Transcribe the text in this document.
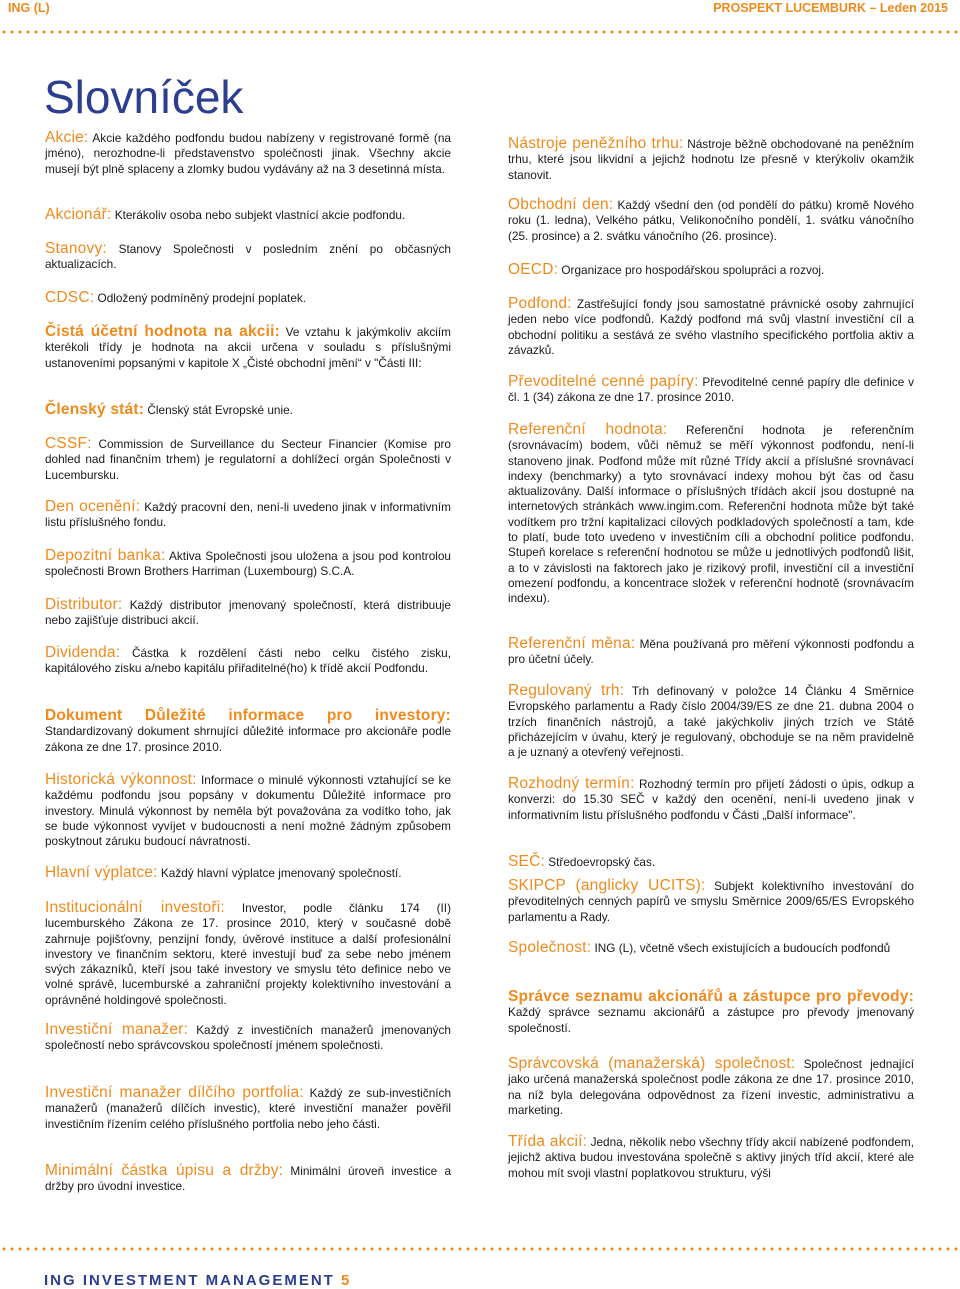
ING (L)	PROSPEKT LUCEMBURK – Leden 2015
Slovníček

Akcie: Akcie každého podfondu budou nabízeny v registrované formě (na jméno), nerozhodne-li představenstvo společnosti jinak. Všechny akcie musejí být plně splaceny a zlomky budou vydávány až na 3 desetinná místa.

Akcionář: Kterákoliv osoba nebo subjekt vlastnící akcie podfondu.

Stanovy: Stanovy Společnosti v posledním znění po občasných aktualizacích.

CDSC: Odložený podmíněný prodejní poplatek.

Čistá účetní hodnota na akcii: Ve vztahu k jakýmkoliv akciím kterékoli třídy je hodnota na akcii určena v souladu s příslušnými ustanoveními popsanými v kapitole X „Čisté obchodní jmění“ v "Části III:

Členský stát: Členský stát Evropské unie.

CSSF: Commission de Surveillance du Secteur Financier (Komise pro dohled nad finančním trhem) je regulatorní a dohlížecí orgán Společnosti v Lucembursku.

Den ocenění: Každý pracovní den, není-li uvedeno jinak v informativním listu příslušného fondu.

Depozitní banka: Aktiva Společnosti jsou uložena a jsou pod kontrolou společnosti Brown Brothers Harriman (Luxembourg) S.C.A.

Distributor: Každý distributor jmenovaný společností, která distribuuje nebo zajišťuje distribuci akcií.

Dividenda: Částka k rozdělení části nebo celku čistého zisku, kapitálového zisku a/nebo kapitálu přiřaditelné(ho) k třídě akcií Podfondu.

Dokument Důležité informace pro investory: Standardizovaný dokument shrnující důležité informace pro akcionáře podle zákona ze dne 17. prosince 2010.

Historická výkonnost: Informace o minulé výkonnosti vztahující se ke každému podfondu jsou popsány v dokumentu Důležité informace pro investory. Minulá výkonnost by neměla být považována za vodítko toho, jak se bude výkonnost vyvíjet v budoucnosti a není možné žádným způsobem poskytnout záruku budoucí návratnosti.

Hlavní výplatce: Každý hlavní výplatce jmenovaný společností.

Institucionální investoři: Investor, podle článku 174 (II) lucemburského Zákona ze 17. prosince 2010, který v současné době zahrnuje pojišťovny, penzijní fondy, úvěrové instituce a další profesionální investory ve finančním sektoru, které investují buď za sebe nebo jménem svých zákazníků, kteří jsou také investory ve smyslu této definice nebo ve volné správě, lucemburské a zahraniční projekty kolektivního investování a oprávněné holdingové společnosti.

Investiční manažer: Každý z investičních manažerů jmenovaných společností nebo správcovskou společností jménem společnosti.

Investiční manažer dílčího portfolia: Každý ze sub-investičních manažerů (manažerů dílčích investic), které investiční manažer pověřil investičním řízením celého příslušného portfolia nebo jeho části.

Minimální částka úpisu a držby: Minimální úroveň investice a držby pro úvodní investice.

Nástroje peněžního trhu: Nástroje běžně obchodované na peněžním trhu, které jsou likvidní a jejichž hodnotu lze přesně v kterýkoliv okamžik stanovit.

Obchodní den: Každý všední den (od pondělí do pátku) kromě Nového roku (1. ledna), Velkého pátku, Velikonočního pondělí, 1. svátku vánočního (25. prosince) a 2. svátku vánočního (26. prosince).

OECD: Organizace pro hospodářskou spolupráci a rozvoj.

Podfond: Zastřešující fondy jsou samostatné právnické osoby zahrnující jeden nebo více podfondů. Každý podfond má svůj vlastní investiční cíl a obchodní politiku a sestává ze svého vlastního specifického portfolia aktiv a závazků.

Převoditelné cenné papíry: Převoditelné cenné papíry dle definice v čl. 1 (34) zákona ze dne 17. prosince 2010.

Referenční hodnota: Referenční hodnota je referenčním (srovnávacím) bodem, vůči němuž se měří výkonnost podfondu, není-li stanoveno jinak. Podfond může mít různé Třídy akcií a příslušné srovnávací indexy (benchmarky) a tyto srovnávací indexy mohou být čas od času aktualizovány. Další informace o příslušných třídách akcií jsou dostupné na internetových stránkách www.ingim.com. Referenční hodnota může být také vodítkem pro tržní kapitalizaci cílových podkladových společností a tam, kde to platí, bude toto uvedeno v investičním cíli a obchodní politice podfondu. Stupeň korelace s referenční hodnotou se může u jednotlivých podfondů lišit, a to v závislosti na faktorech jako je rizikový profil, investiční cíl a investiční omezení podfondu, a koncentrace složek v referenční hodnotě (srovnávacím indexu).

Referenční měna: Měna používaná pro měření výkonnosti podfondu a pro účetní účely.

Regulovaný trh: Trh definovaný v položce 14 Článku 4 Směrnice Evropského parlamentu a Rady číslo 2004/39/ES ze dne 21. dubna 2004 o trzích finančních nástrojů, a také jakýchkoliv jiných trzích ve Státě přicházejícím v úvahu, který je regulovaný, obchoduje se na něm pravidelně a je uznaný a otevřený veřejnosti.

Rozhodný termín: Rozhodný termín pro přijetí žádosti o úpis, odkup a konverzi: do 15.30 SEČ v každý den ocenění, není-li uvedeno jinak v informativním listu příslušného podfondu v Části „Další informace".

SEČ: Středoevropský čas.

SKIPCP (anglicky UCITS): Subjekt kolektivního investování do převoditelných cenných papírů ve smyslu Směrnice 2009/65/ES Evropského parlamentu a Rady.

Společnost: ING (L), včetně všech existujících a budoucích podfondů

Správce seznamu akcionářů a zástupce pro převody: Každý správce seznamu akcionářů a zástupce pro převody jmenovaný společností.

Správcovská (manažerská) společnost: Společnost jednající jako určená manažerská společnost podle zákona ze dne 17. prosince 2010, na níž byla delegována odpovědnost za řízení investic, administrativu a marketing.

Třída akcií: Jedna, několik nebo všechny třídy akcií nabízené podfondem, jejichž aktiva budou investována společně s aktivy jiných tříd akcií, které ale mohou mít svoji vlastní poplatkovou strukturu, výši

ING INVESTMENT MANAGEMENT 5
